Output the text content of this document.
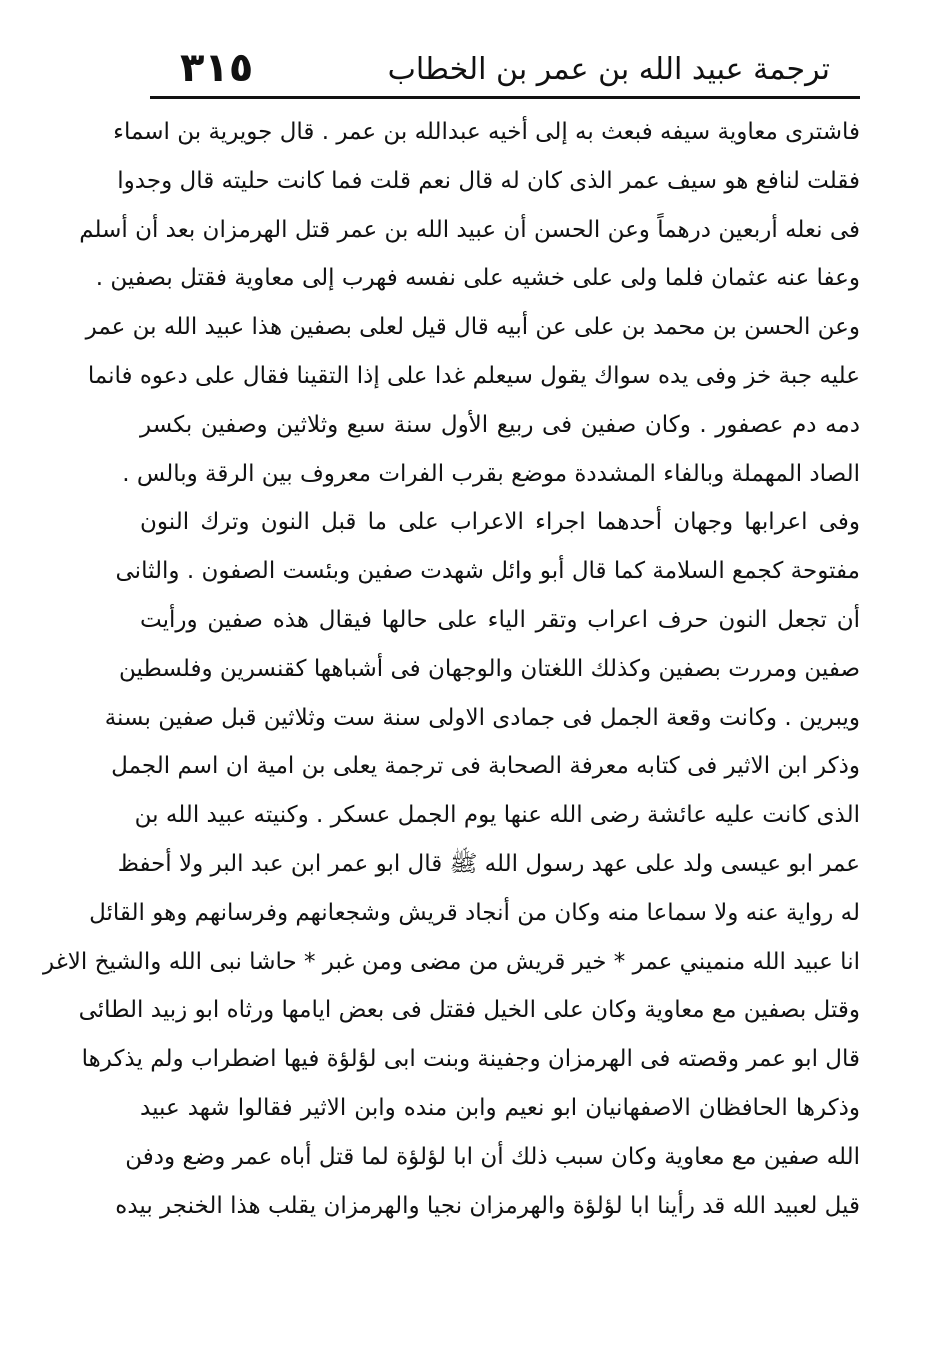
٣١٥	ترجمة عبيد الله بن عمر بن الخطاب
فاشترى معاوية سيفه فبعث به إلى أخيه عبدالله بن عمر . قال جويرية بن اسماء
فقلت لنافع هو سيف عمر الذى كان له قال نعم قلت فما كانت حليته قال وجدوا
فى نعله أربعين درهماً وعن الحسن أن عبيد الله بن عمر قتل الهرمزان بعد أن أسلم
وعفا عنه عثمان فلما ولى على خشيه على نفسه فهرب إلى معاوية فقتل بصفين .
وعن الحسن بن محمد بن على عن أبيه قال قيل لعلى بصفين هذا عبيد الله بن عمر
عليه جبة خز وفى يده سواك يقول سيعلم غدا على إذا التقينا فقال على دعوه فانما
دمه دم عصفور . وكان صفين فى ربيع الأول سنة سبع وثلاثين وصفين بكسر
الصاد المهملة وبالفاء المشددة موضع بقرب الفرات معروف بين الرقة وبالس .
وفى اعرابها وجهان أحدهما اجراء الاعراب على ما قبل النون وترك النون
مفتوحة كجمع السلامة كما قال أبو وائل شهدت صفين وبئست الصفون . والثانى
أن تجعل النون حرف اعراب وتقر الياء على حالها فيقال هذه صفين ورأيت
صفين ومررت بصفين وكذلك اللغتان والوجهان فى أشباهها كقنسرين وفلسطين
ويبرين . وكانت وقعة الجمل فى جمادى الاولى سنة ست وثلاثين قبل صفين بسنة
وذكر ابن الاثير فى كتابه معرفة الصحابة فى ترجمة يعلى بن امية ان اسم الجمل
الذى كانت عليه عائشة رضى الله عنها يوم الجمل عسكر . وكنيته عبيد الله بن
عمر ابو عيسى ولد على عهد رسول الله ﷺ قال ابو عمر ابن عبد البر ولا أحفظ
له رواية عنه ولا سماعا منه وكان من أنجاد قريش وشجعانهم وفرسانهم وهو القائل
انا عبيد الله منميني عمر * خير قريش من مضى ومن غبر * حاشا نبى الله والشيخ الاغر
وقتل بصفين مع معاوية وكان على الخيل فقتل فى بعض ايامها ورثاه ابو زبيد الطائى
قال ابو عمر وقصته فى الهرمزان وجفينة وبنت ابى لؤلؤة فيها اضطراب ولم يذكرها
وذكرها الحافظان الاصفهانيان ابو نعيم وابن منده وابن الاثير فقالوا شهد عبيد
الله صفين مع معاوية وكان سبب ذلك أن ابا لؤلؤة لما قتل أباه عمر وضع ودفن
قيل لعبيد الله قد رأينا ابا لؤلؤة والهرمزان نجيا والهرمزان يقلب هذا الخنجر بيده
